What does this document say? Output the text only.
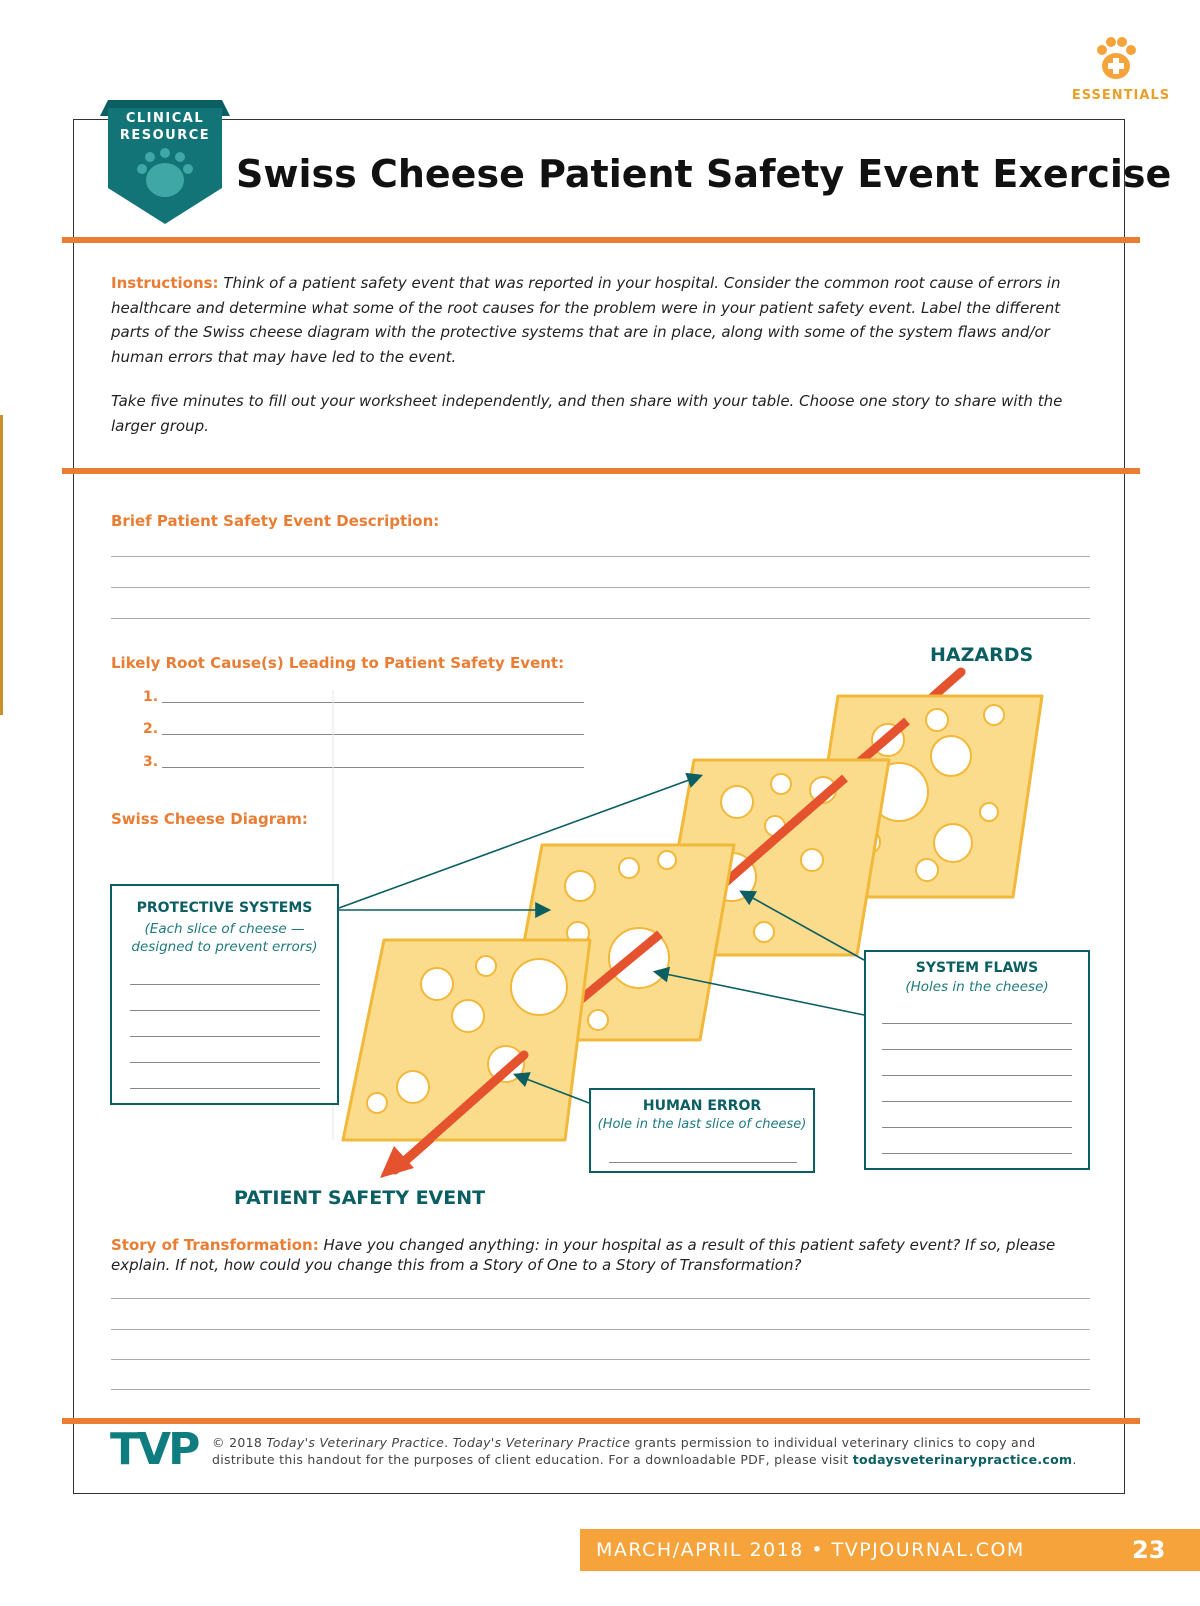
ESSENTIALS
CLINICAL
RESOURCE
Swiss Cheese Patient Safety Event Exercise
Instructions: Think of a patient safety event that was reported in your hospital. Consider the common root cause of errors in healthcare and determine what some of the root causes for the problem were in your patient safety event. Label the different parts of the Swiss cheese diagram with the protective systems that are in place, along with some of the system flaws and/or human errors that may have led to the event.
Take five minutes to fill out your worksheet independently, and then share with your table. Choose one story to share with the larger group.
Brief Patient Safety Event Description:
Likely Root Cause(s) Leading to Patient Safety Event:
1.
2.
3.
Swiss Cheese Diagram:
HAZARDS
PATIENT SAFETY EVENT
PROTECTIVE SYSTEMS
(Each slice of cheese —
designed to prevent errors)
SYSTEM FLAWS
(Holes in the cheese)
HUMAN ERROR
(Hole in the last slice of cheese)
Story of Transformation: Have you changed anything: in your hospital as a result of this patient safety event? If so, please explain. If not, how could you change this from a Story of One to a Story of Transformation?
TVP © 2018 Today's Veterinary Practice. Today's Veterinary Practice grants permission to individual veterinary clinics to copy and distribute this handout for the purposes of client education. For a downloadable PDF, please visit todaysveterinarypractice.com.
MARCH/APRIL 2018 • TVPJOURNAL.COM	23
